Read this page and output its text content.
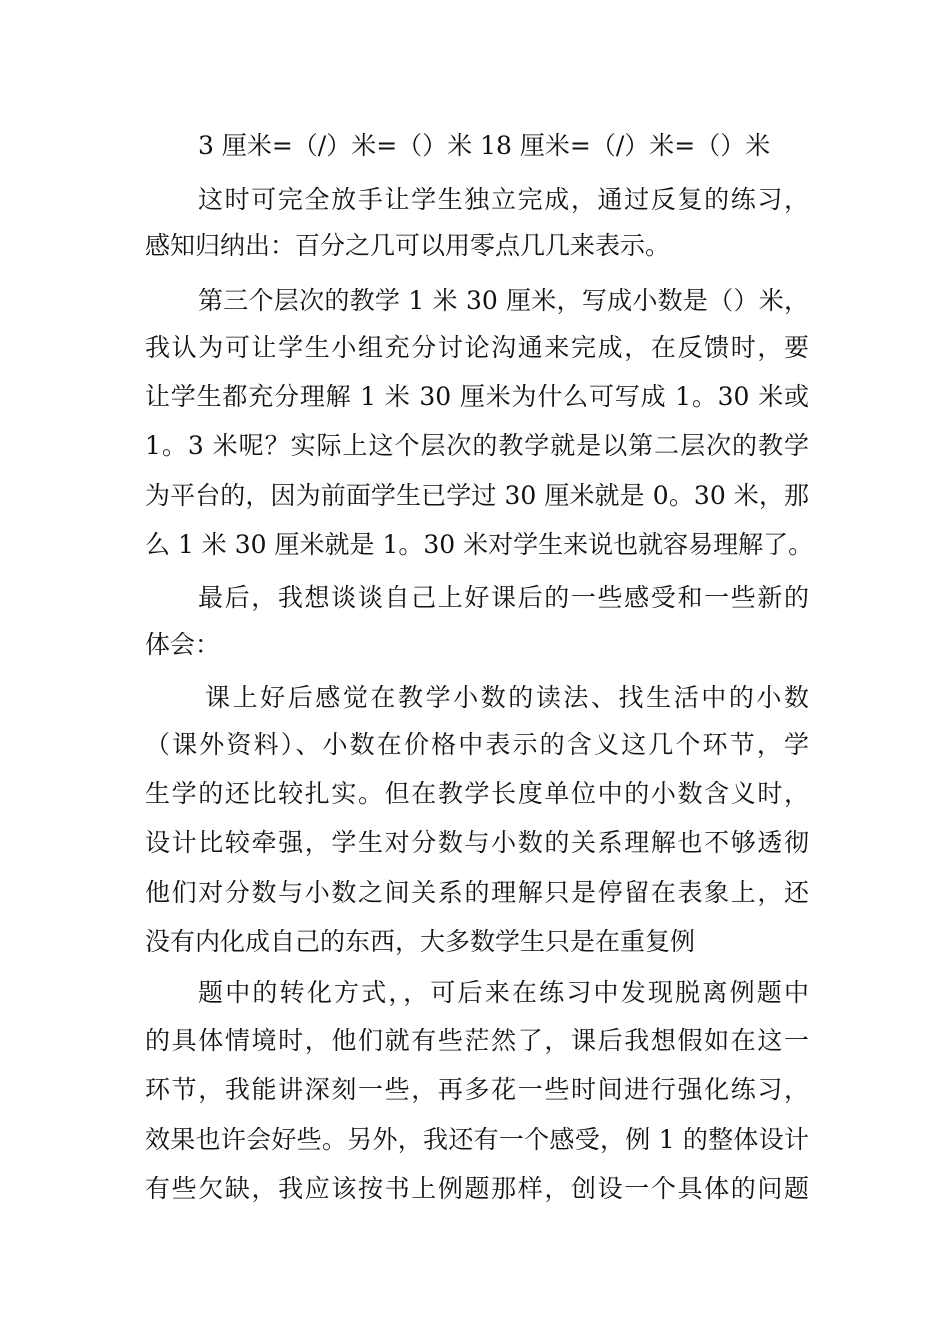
3 厘米=（/）米=（）米 18 厘米=（/）米=（）米
这时可完全放手让学生独立完成，通过反复的练习，
感知归纳出：百分之几可以用零点几几来表示。
第三个层次的教学 1 米 30 厘米，写成小数是（）米，
我认为可让学生小组充分讨论沟通来完成，在反馈时，要
让学生都充分理解 1 米 30 厘米为什么可写成 1。30 米或
1。3 米呢？实际上这个层次的教学就是以第二层次的教学
为平台的，因为前面学生已学过 30 厘米就是 0。30 米，那
么 1 米 30 厘米就是 1。30 米对学生来说也就容易理解了。
最后，我想谈谈自己上好课后的一些感受和一些新的
体会：
课上好后感觉在教学小数的读法、找生活中的小数
（课外资料）、小数在价格中表示的含义这几个环节，学
生学的还比较扎实。但在教学长度单位中的小数含义时，
设计比较牵强，学生对分数与小数的关系理解也不够透彻
他们对分数与小数之间关系的理解只是停留在表象上，还
没有内化成自己的东西，大多数学生只是在重复例
题中的转化方式，，可后来在练习中发现脱离例题中
的具体情境时，他们就有些茫然了，课后我想假如在这一
环节，我能讲深刻一些，再多花一些时间进行强化练习，
效果也许会好些。另外，我还有一个感受，例 1 的整体设计
有些欠缺，我应该按书上例题那样，创设一个具体的问题
